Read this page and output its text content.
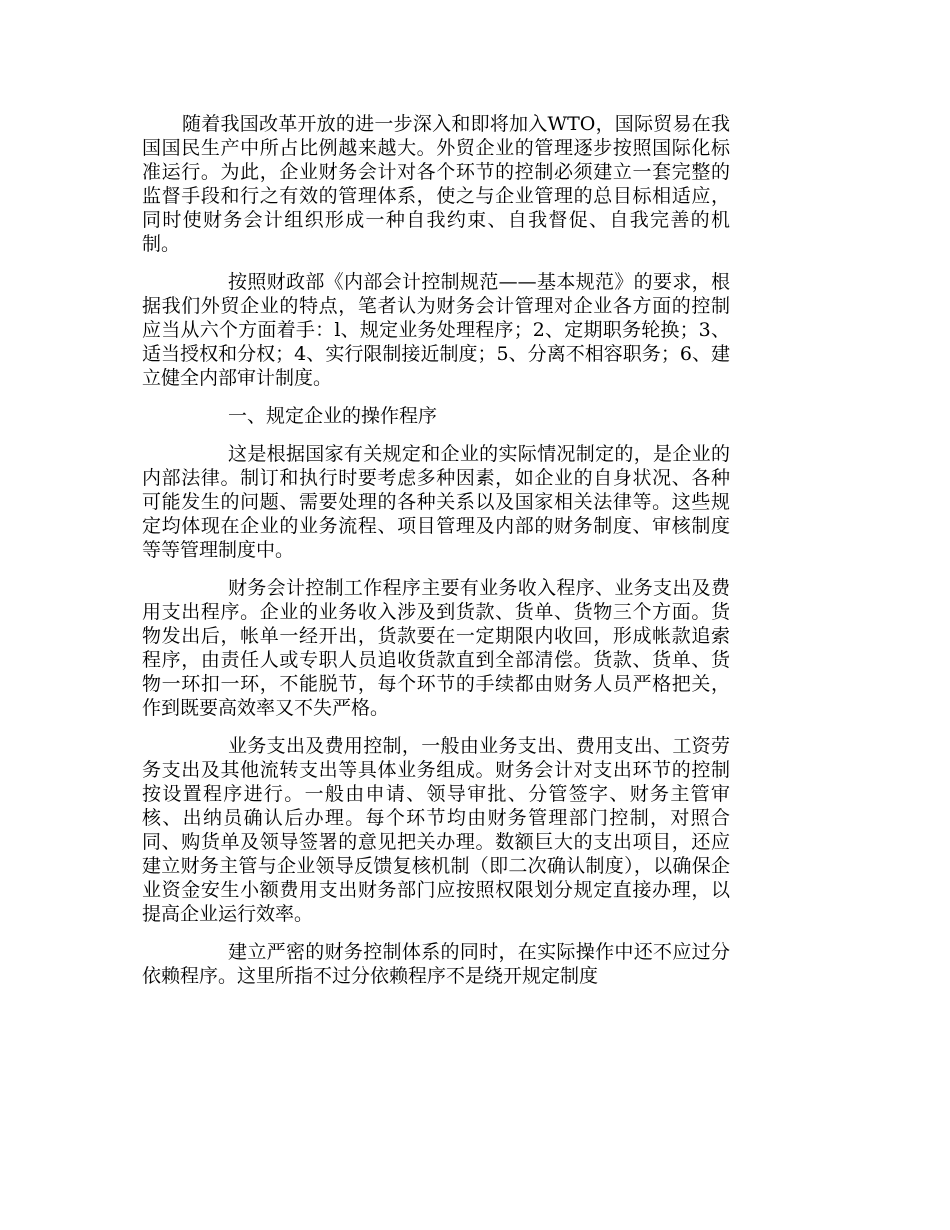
随着我国改革开放的进一步深入和即将加入WTO，国际贸易在我国国民生产中所占比例越来越大。外贸企业的管理逐步按照国际化标准运行。为此，企业财务会计对各个环节的控制必须建立一套完整的监督手段和行之有效的管理体系，使之与企业管理的总目标相适应，同时使财务会计组织形成一种自我约束、自我督促、自我完善的机制。

按照财政部《内部会计控制规范——基本规范》的要求，根据我们外贸企业的特点，笔者认为财务会计管理对企业各方面的控制应当从六个方面着手：l、规定业务处理程序；2、定期职务轮换；3、适当授权和分权；4、实行限制接近制度；5、分离不相容职务；6、建立健全内部审计制度。

一、规定企业的操作程序

这是根据国家有关规定和企业的实际情况制定的，是企业的内部法律。制订和执行时要考虑多种因素，如企业的自身状况、各种可能发生的问题、需要处理的各种关系以及国家相关法律等。这些规定均体现在企业的业务流程、项目管理及内部的财务制度、审核制度等等管理制度中。

财务会计控制工作程序主要有业务收入程序、业务支出及费用支出程序。企业的业务收入涉及到货款、货单、货物三个方面。货物发出后，帐单一经开出，货款要在一定期限内收回，形成帐款追索程序，由责任人或专职人员追收货款直到全部清偿。货款、货单、货物一环扣一环，不能脱节，每个环节的手续都由财务人员严格把关，作到既要高效率又不失严格。

业务支出及费用控制，一般由业务支出、费用支出、工资劳务支出及其他流转支出等具体业务组成。财务会计对支出环节的控制按设置程序进行。一般由申请、领导审批、分管签字、财务主管审核、出纳员确认后办理。每个环节均由财务管理部门控制，对照合同、购货单及领导签署的意见把关办理。数额巨大的支出项目，还应建立财务主管与企业领导反馈复核机制（即二次确认制度），以确保企业资金安生小额费用支出财务部门应按照权限划分规定直接办理，以提高企业运行效率。

建立严密的财务控制体系的同时，在实际操作中还不应过分依赖程序。这里所指不过分依赖程序不是绕开规定制度
